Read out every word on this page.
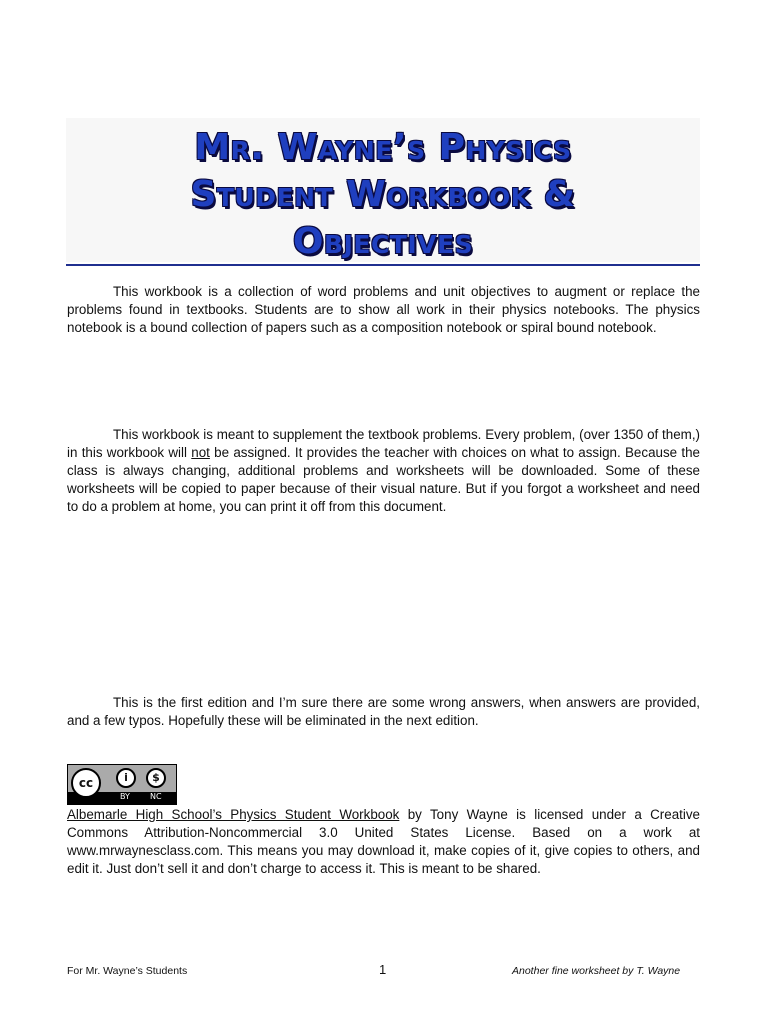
Mr. Wayne’s Physics
Student Workbook &
Objectives

This workbook is a collection of word problems and unit objectives to augment or replace the problems found in textbooks. Students are to show all work in their physics notebooks. The physics notebook is a bound collection of papers such as a composition notebook or spiral bound notebook.

This workbook is meant to supplement the textbook problems. Every problem, (over 1350 of them,) in this workbook will not be assigned. It provides the teacher with choices on what to assign. Because the class is always changing, additional problems and worksheets will be downloaded. Some of these worksheets will be copied to paper because of their visual nature. But if you forgot a worksheet and need to do a problem at home, you can print it off from this document.

This is the first edition and I’m sure there are some wrong answers, when answers are provided, and a few typos. Hopefully these will be eliminated in the next edition.

cc	i	$
BY	NC

Albemarle High School’s Physics Student Workbook by Tony Wayne is licensed under a Creative Commons Attribution-Noncommercial 3.0 United States License. Based on a work at www.mrwaynesclass.com. This means you may download it, make copies of it, give copies to others, and edit it. Just don’t sell it and don’t charge to access it. This is meant to be shared.

For Mr. Wayne’s Students	1	Another fine worksheet by T. Wayne
